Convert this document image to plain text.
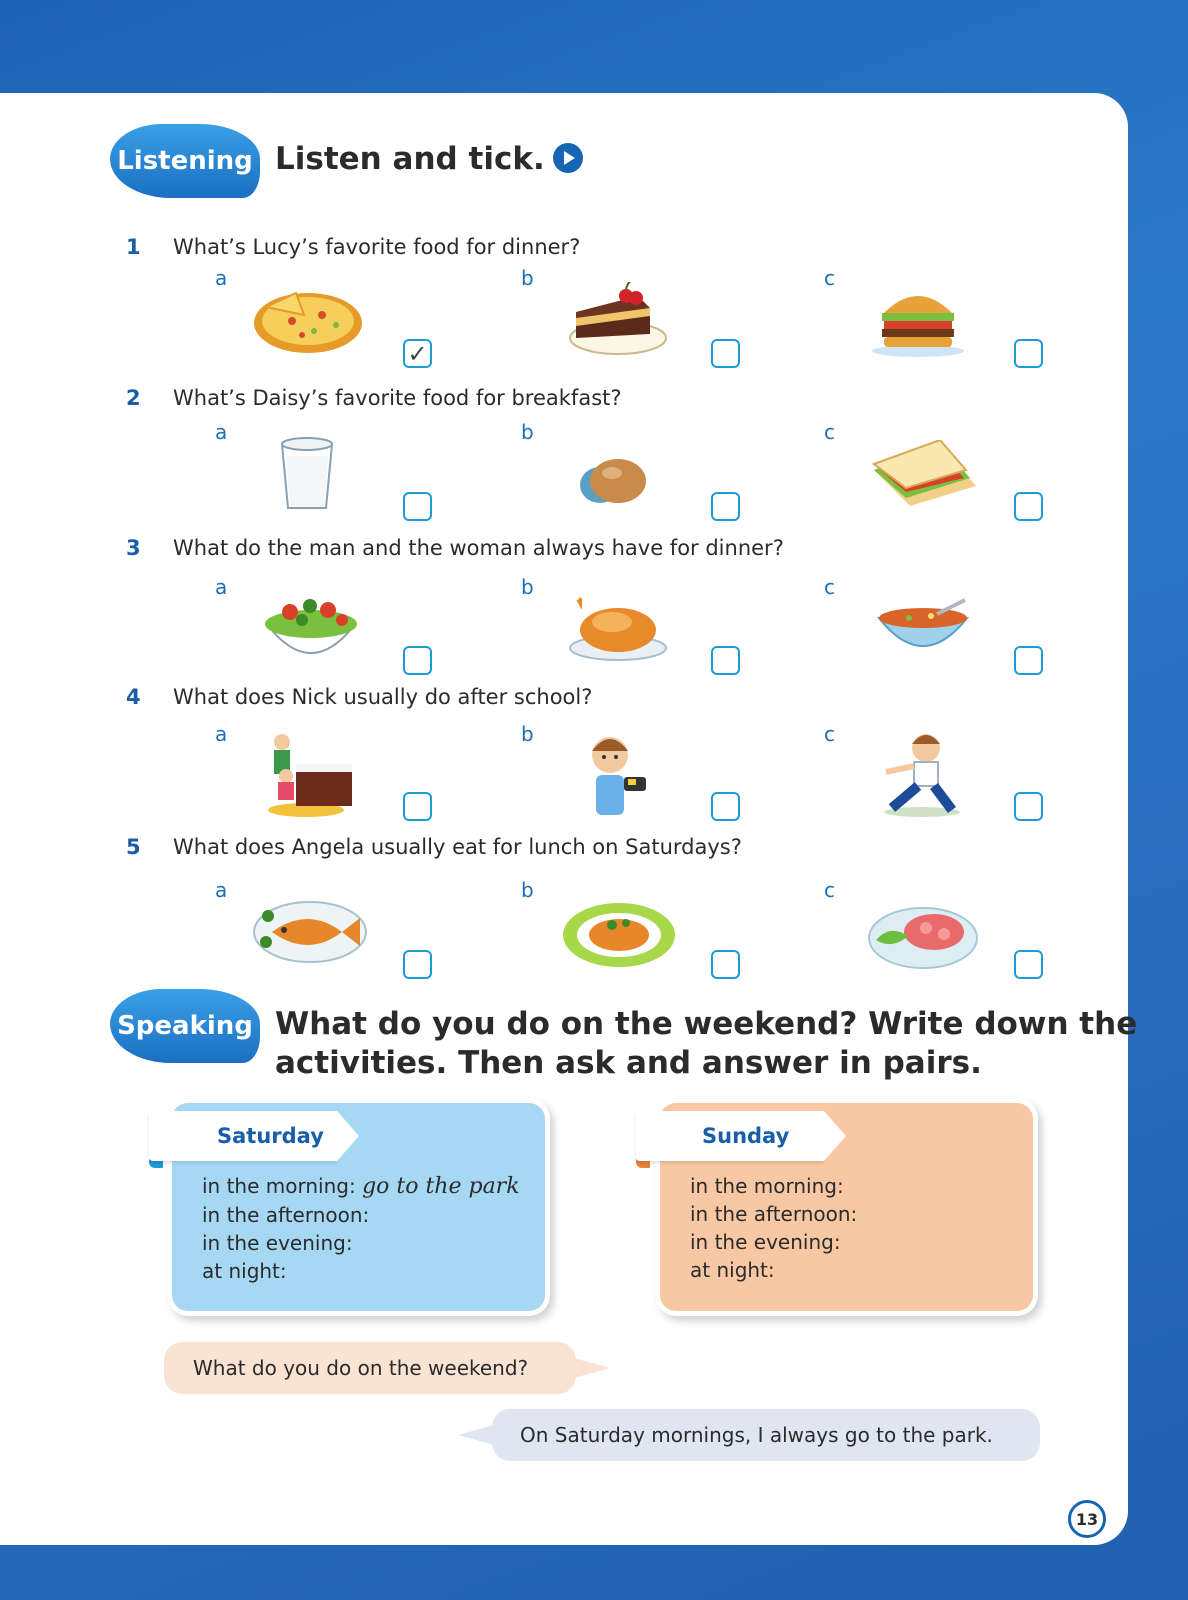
Listening Listen and tick.
1 What’s Lucy’s favorite food for dinner?
a	b	c
✓
2 What’s Daisy’s favorite food for breakfast?
a	b	c
3 What do the man and the woman always have for dinner?
a	b	c
4 What does Nick usually do after school?
a	b	c
5 What does Angela usually eat for lunch on Saturdays?
a	b	c
Speaking What do you do on the weekend? Write down the
activities. Then ask and answer in pairs.
Saturday
in the morning: go to the park
in the afternoon:
in the evening:
at night:
Sunday
in the morning:
in the afternoon:
in the evening:
at night:
What do you do on the weekend?
On Saturday mornings, I always go to the park.
13
